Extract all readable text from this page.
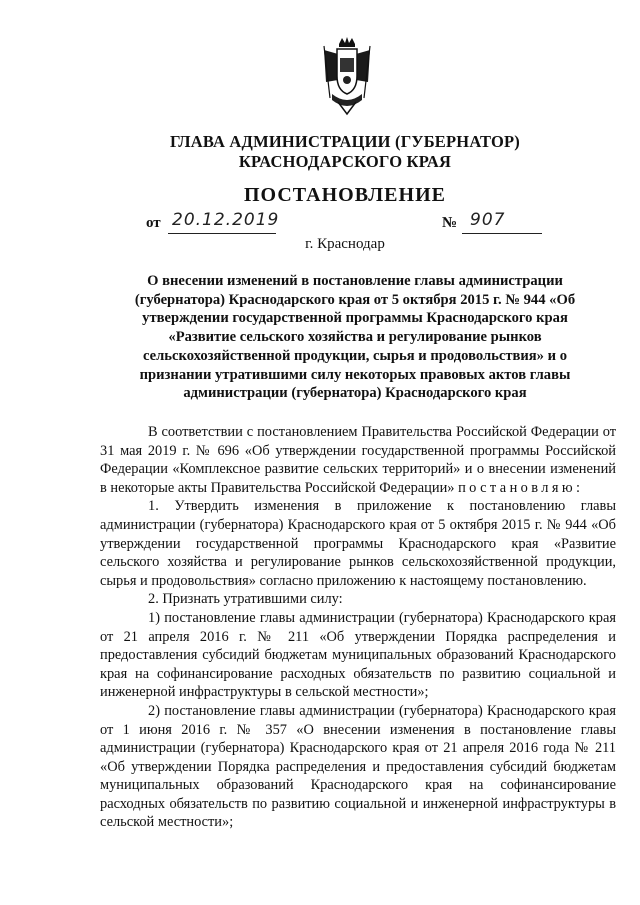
ГЛАВА АДМИНИСТРАЦИИ (ГУБЕРНАТОР)
КРАСНОДАРСКОГО КРАЯ
ПОСТАНОВЛЕНИЕ
от 20.12.2019	№ 907
г. Краснодар

О внесении изменений в постановление главы администрации (губернатора) Краснодарского края от 5 октября 2015 г. № 944 «Об утверждении государственной программы Краснодарского края «Развитие сельского хозяйства и регулирование рынков сельскохозяйственной продукции, сырья и продовольствия» и о признании утратившими силу некоторых правовых актов главы администрации (губернатора) Краснодарского края

В соответствии с постановлением Правительства Российской Федерации от 31 мая 2019 г. № 696 «Об утверждении государственной программы Российской Федерации «Комплексное развитие сельских территорий» и о внесении изменений в некоторые акты Правительства Российской Федерации» постановляю:

1. Утвердить изменения в приложение к постановлению главы администрации (губернатора) Краснодарского края от 5 октября 2015 г. № 944 «Об утверждении государственной программы Краснодарского края «Развитие сельского хозяйства и регулирование рынков сельскохозяйственной продукции, сырья и продовольствия» согласно приложению к настоящему постановлению.

2. Признать утратившими силу:

1) постановление главы администрации (губернатора) Краснодарского края от 21 апреля 2016 г. № 211 «Об утверждении Порядка распределения и предоставления субсидий бюджетам муниципальных образований Краснодарского края на софинансирование расходных обязательств по развитию социальной и инженерной инфраструктуры в сельской местности»;

2) постановление главы администрации (губернатора) Краснодарского края от 1 июня 2016 г. № 357 «О внесении изменения в постановление главы администрации (губернатора) Краснодарского края от 21 апреля 2016 года № 211 «Об утверждении Порядка распределения и предоставления субсидий бюджетам муниципальных образований Краснодарского края на софинансирование расходных обязательств по развитию социальной и инженерной инфраструктуры в сельской местности»;
